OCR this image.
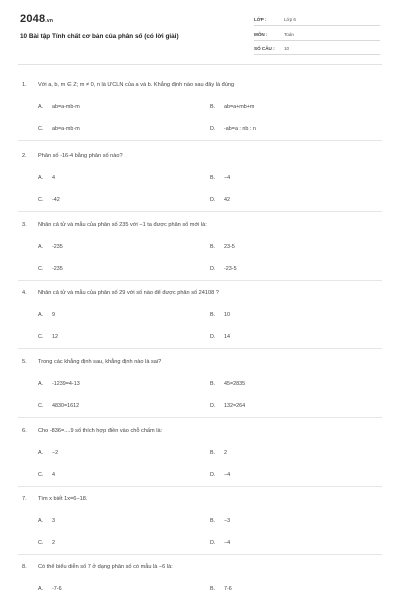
2048.vn
10 Bài tập Tính chất cơ bản của phân số (có lời giải)
LỚP :	Lớp 6
MÔN :	Toán
SỐ CÂU : 10
1. Với a, b, m ∈ Z; m ≠ 0, n là ƯCLN của a và b. Khẳng định nào sau đây là đúng
A. ab=a-mb-m	B. ab=a+mb+m
C. ab=a·mb·m	D. -ab=a : nb : n
2. Phân số -16-4 bằng phân số nào?
A. 4	B. −4
C. -42	D. 42
3. Nhân cả tử và mẫu của phân số 235 với −1 ta được phân số mới là:
A. -235	B. 23-5
C. -235	D. -23-5
4. Nhân cả tử và mẫu của phân số 29 với số nào để được phân số 24108 ?
A. 9	B. 10
C. 12	D. 14
5. Trong các khẳng định sau, khẳng định nào là sai?
A. -1239=4-13	B. 45=2835
C. 4830=1612	D. 132=264
6. Cho -836=....9 số thích hợp điền vào chỗ chấm là:
A. −2	B. 2
C. 4	D. −4
7. Tìm x biết 1x=6−18.
A. 3	B. −3
C. 2	D. −4
8. Có thể biểu diễn số 7 ở dạng phân số có mẫu là −6 là:
A. -7-6	B. 7-6
